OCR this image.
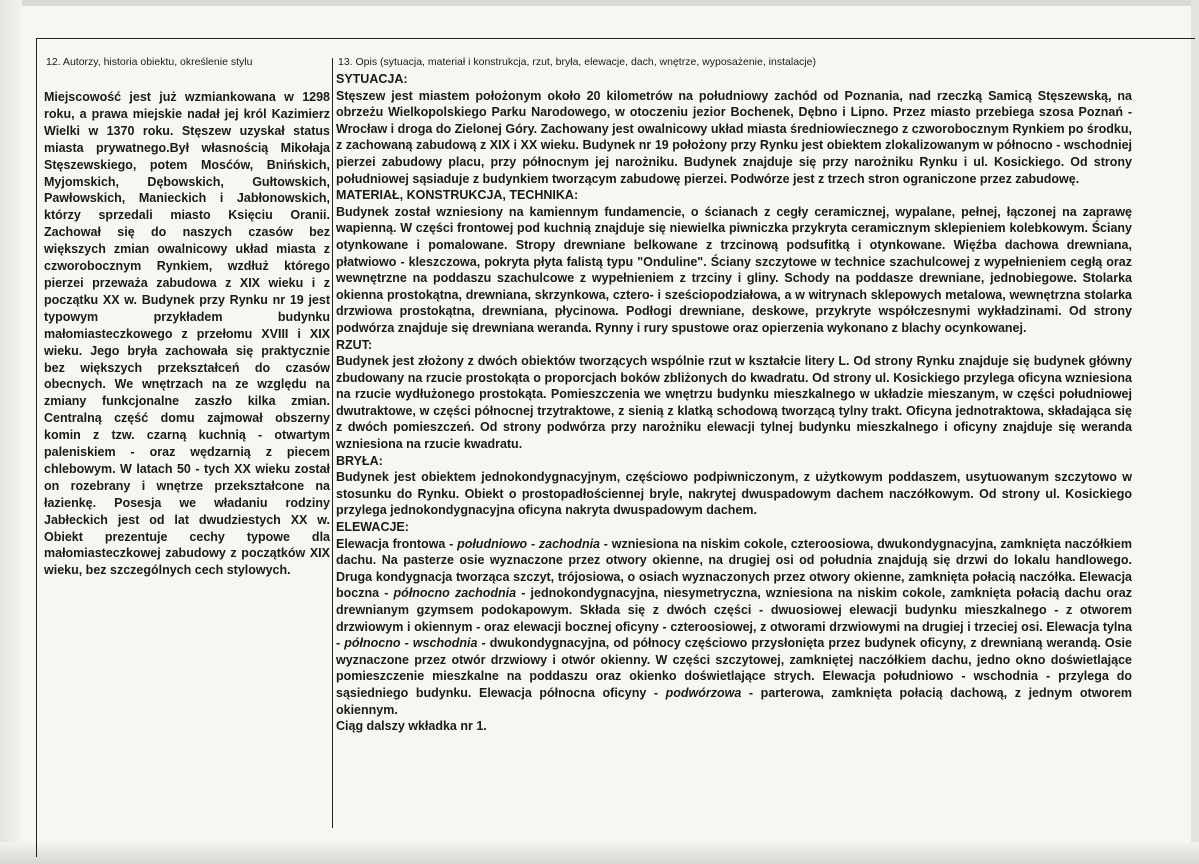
12. Autorzy, historia obiektu, określenie stylu
Miejscowość jest już wzmiankowana w 1298 roku, a prawa miejskie nadał jej król Kazimierz Wielki w 1370 roku. Stęszew uzyskał status miasta prywatnego.Był własnością Mikołaja Stęszewskiego, potem Mosćów, Bnińskich, Myjomskich, Dębowskich, Gułtowskich, Pawłowskich, Manieckich i Jabłonowskich, którzy sprzedali miasto Księciu Oranii. Zachował się do naszych czasów bez większych zmian owalnicowy układ miasta z czworobocznym Rynkiem, wzdłuż którego pierzei przeważa zabudowa z XIX wieku i z początku XX w. Budynek przy Rynku nr 19 jest typowym przykładem budynku małomiasteczkowego z przełomu XVIII i XIX wieku. Jego bryła zachowała się praktycznie bez większych przekształceń do czasów obecnych. We wnętrzach na ze względu na zmiany funkcjonalne zaszło kilka zmian. Centralną część domu zajmował obszerny komin z tzw. czarną kuchnią - otwartym paleniskiem - oraz wędzarnią z piecem chlebowym. W latach 50 - tych XX wieku został on rozebrany i wnętrze przekształcone na łazienkę. Posesja we władaniu rodziny Jabłeckich jest od lat dwudziestych XX w. Obiekt prezentuje cechy typowe dla małomiasteczkowej zabudowy z początków XIX wieku, bez szczególnych cech stylowych.
13. Opis (sytuacja, materiał i konstrukcja, rzut, bryła, elewacje, dach, wnętrze, wyposażenie, instalacje)

SYTUACJA:

Stęszew jest miastem położonym około 20 kilometrów na południowy zachód od Poznania, nad rzeczką Samicą Stęszewską, na obrzeżu Wielkopolskiego Parku Narodowego, w otoczeniu jezior Bochenek, Dębno i Lipno. Przez miasto przebiega szosa Poznań - Wrocław i droga do Zielonej Góry. Zachowany jest owalnicowy układ miasta średniowiecznego z czworobocznym Rynkiem po środku, z zachowaną zabudową z XIX i XX wieku. Budynek nr 19 położony przy Rynku jest obiektem zlokalizowanym w północno - wschodniej pierzei zabudowy placu, przy północnym jej narożniku. Budynek znajduje się przy narożniku Rynku i ul. Kosickiego. Od strony południowej sąsiaduje z budynkiem tworzącym zabudowę pierzei. Podwórze jest z trzech stron ograniczone przez zabudowę.

MATERIAŁ, KONSTRUKCJA, TECHNIKA:

Budynek został wzniesiony na kamiennym fundamencie, o ścianach z cegły ceramicznej, wypalane, pełnej, łączonej na zaprawę wapienną. W części frontowej pod kuchnią znajduje się niewielka piwniczka przykryta ceramicznym sklepieniem kolebkowym. Ściany otynkowane i pomalowane. Stropy drewniane belkowane z trzcinową podsufitką i otynkowane. Więźba dachowa drewniana, płatwiowo - kleszczowa, pokryta płyta falistą typu "Onduline". Ściany szczytowe w technice szachulcowej z wypełnieniem cegłą oraz wewnętrzne na poddaszu szachulcowe z wypełnieniem z trzciny i gliny. Schody na poddasze drewniane, jednobiegowe. Stolarka okienna prostokątna, drewniana, skrzynkowa, cztero- i sześciopodziałowa, a w witrynach sklepowych metalowa, wewnętrzna stolarka drzwiowa prostokątna, drewniana, płycinowa. Podłogi drewniane, deskowe, przykryte współczesnymi wykładzinami. Od strony podwórza znajduje się drewniana weranda. Rynny i rury spustowe oraz opierzenia wykonano z blachy ocynkowanej.

RZUT:

Budynek jest złożony z dwóch obiektów tworzących wspólnie rzut w kształcie litery L. Od strony Rynku znajduje się budynek główny zbudowany na rzucie prostokąta o proporcjach boków zbliżonych do kwadratu. Od strony ul. Kosickiego przylega oficyna wzniesiona na rzucie wydłużonego prostokąta. Pomieszczenia we wnętrzu budynku mieszkalnego w układzie mieszanym, w części południowej dwutraktowe, w części północnej trzytraktowe, z sienią z klatką schodową tworzącą tylny trakt. Oficyna jednotraktowa, składająca się z dwóch pomieszczeń. Od strony podwórza przy narożniku elewacji tylnej budynku mieszkalnego i oficyny znajduje się weranda wzniesiona na rzucie kwadratu.

BRYŁA:

Budynek jest obiektem jednokondygnacyjnym, częściowo podpiwniczonym, z użytkowym poddaszem, usytuowanym szczytowo w stosunku do Rynku. Obiekt o prostopadłościennej bryle, nakrytej dwuspadowym dachem naczółkowym. Od strony ul. Kosickiego przylega jednokondygnacyjna oficyna nakryta dwuspadowym dachem.

ELEWACJE:

Elewacja frontowa - południowo - zachodnia - wzniesiona na niskim cokole, czteroosiowa, dwukondygnacyjna, zamknięta naczółkiem dachu. Na pasterze osie wyznaczone przez otwory okienne, na drugiej osi od południa znajdują się drzwi do lokalu handlowego. Druga kondygnacja tworząca szczyt, trójosiowa, o osiach wyznaczonych przez otwory okienne, zamknięta połacią naczółka. Elewacja boczna - północno zachodnia - jednokondygnacyjna, niesymetryczna, wzniesiona na niskim cokole, zamknięta połacią dachu oraz drewnianym gzymsem podokapowym. Składa się z dwóch części - dwuosiowej elewacji budynku mieszkalnego - z otworem drzwiowym i okiennym - oraz elewacji bocznej oficyny - czteroosiowej, z otworami drzwiowymi na drugiej i trzeciej osi. Elewacja tylna - północno - wschodnia - dwukondygnacyjna, od północy częściowo przysłonięta przez budynek oficyny, z drewnianą werandą. Osie wyznaczone przez otwór drzwiowy i otwór okienny. W części szczytowej, zamkniętej naczółkiem dachu, jedno okno doświetlające pomieszczenie mieszkalne na poddaszu oraz okienko doświetlające strych. Elewacja południowo - wschodnia - przylega do sąsiedniego budynku. Elewacja północna oficyny - podwórzowa - parterowa, zamknięta połacią dachową, z jednym otworem okiennym.

Ciąg dalszy wkładka nr 1.
